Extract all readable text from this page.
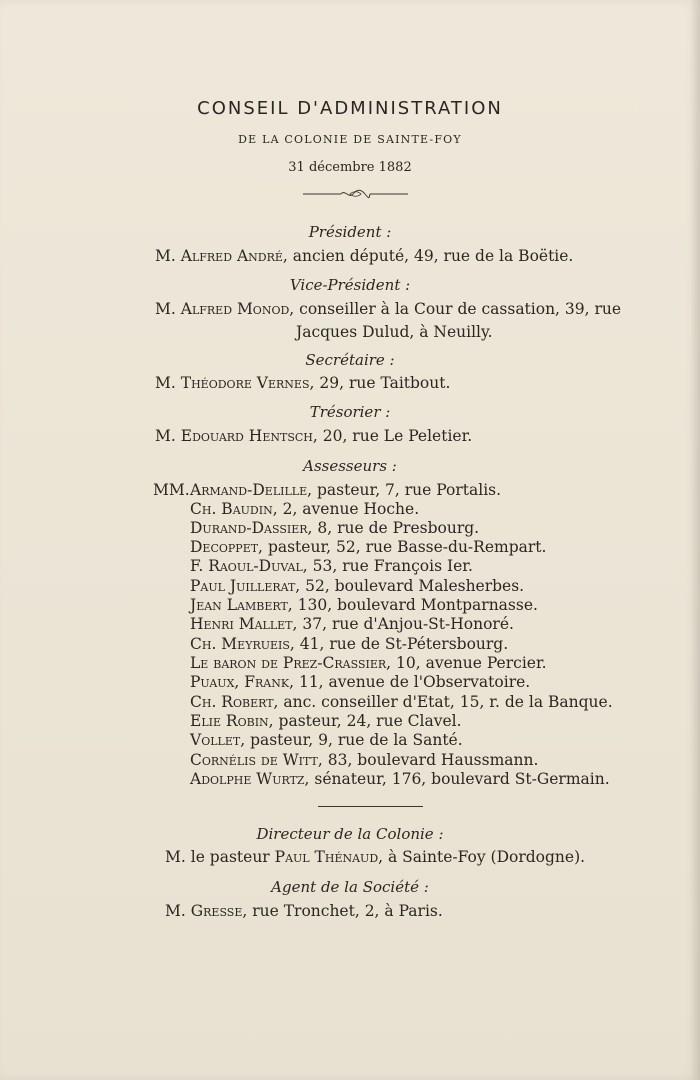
CONSEIL D'ADMINISTRATION
DE LA COLONIE DE SAINTE-FOY
31 décembre 1882
Président :
M. Alfred André, ancien député, 49, rue de la Boëtie.
Vice-Président :
M. Alfred Monod, conseiller à la Cour de cassation, 39, rue
Jacques Dulud, à Neuilly.
Secrétaire :
M. Théodore Vernes, 29, rue Taitbout.
Trésorier :
M. Edouard Hentsch, 20, rue Le Peletier.
Assesseurs :
MM. Armand-Delille, pasteur, 7, rue Portalis.
Ch. Baudin, 2, avenue Hoche.
Durand-Dassier, 8, rue de Presbourg.
Decoppet, pasteur, 52, rue Basse-du-Rempart.
F. Raoul-Duval, 53, rue François Ier.
Paul Juillerat, 52, boulevard Malesherbes.
Jean Lambert, 130, boulevard Montparnasse.
Henri Mallet, 37, rue d'Anjou-St-Honoré.
Ch. Meyrueis, 41, rue de St-Pétersbourg.
Le baron de Prez-Crassier, 10, avenue Percier.
Puaux, Frank, 11, avenue de l'Observatoire.
Ch. Robert, anc. conseiller d'Etat, 15, r. de la Banque.
Elie Robin, pasteur, 24, rue Clavel.
Vollet, pasteur, 9, rue de la Santé.
Cornélis de Witt, 83, boulevard Haussmann.
Adolphe Wurtz, sénateur, 176, boulevard St-Germain.
Directeur de la Colonie :
M. le pasteur Paul Thénaud, à Sainte-Foy (Dordogne).
Agent de la Société :
M. Gresse, rue Tronchet, 2, à Paris.
